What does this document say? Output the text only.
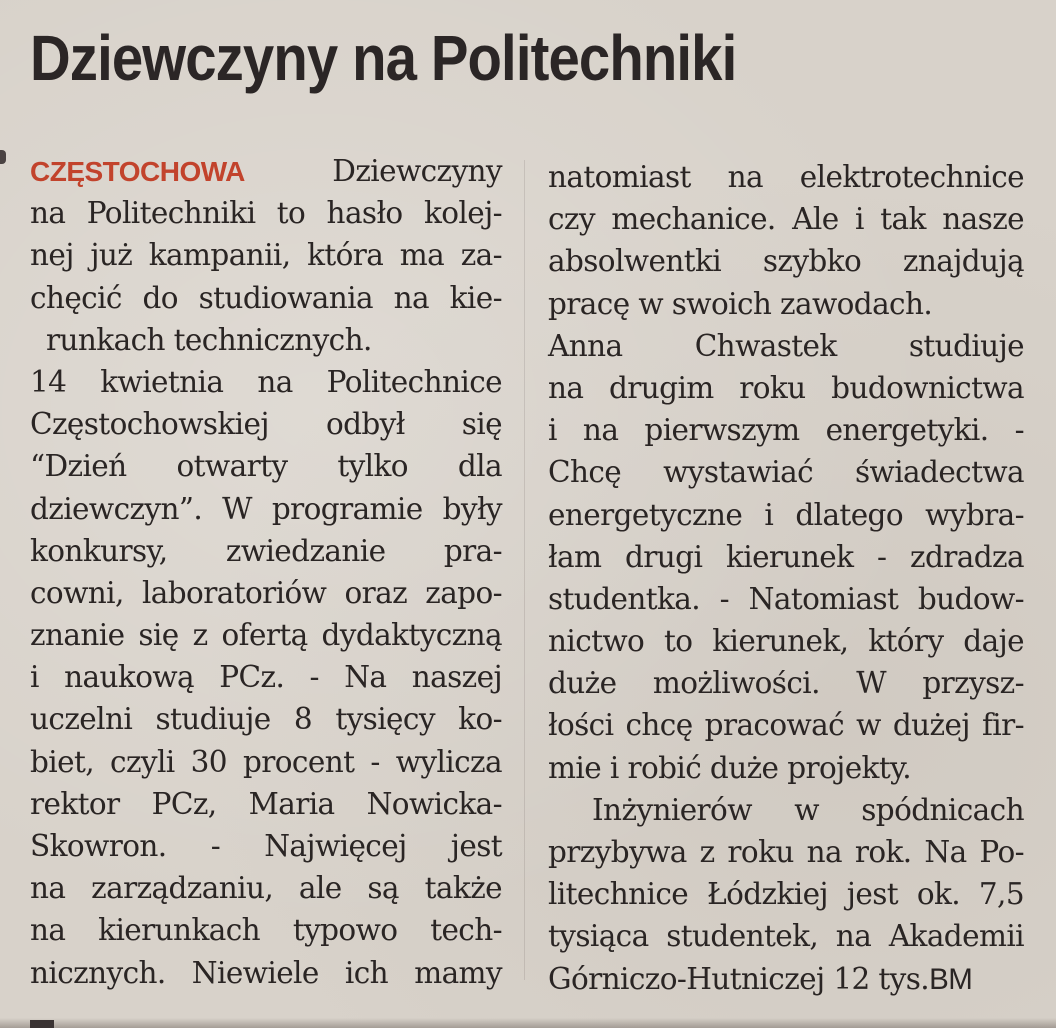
Dziewczyny na Politechniki
CZĘSTOCHOWA	Dziewczyny
na Politechniki to hasło kolej-
nej już kampanii, która ma za-
chęcić do studiowania na kie-
runkach technicznych.
14 kwietnia na Politechnice
Częstochowskiej odbył się
“Dzień otwarty tylko dla
dziewczyn”. W programie były
konkursy, zwiedzanie pra-
cowni, laboratoriów oraz zapo-
znanie się z ofertą dydaktyczną
i naukową PCz. - Na naszej
uczelni studiuje 8 tysięcy ko-
biet, czyli 30 procent - wylicza
rektor PCz, Maria Nowicka-
Skowron. - Najwięcej jest
na zarządzaniu, ale są także
na kierunkach typowo tech-
nicznych. Niewiele ich mamy
natomiast na elektrotechnice
czy mechanice. Ale i tak nasze
absolwentki szybko znajdują
pracę w swoich zawodach.
Anna Chwastek studiuje
na drugim roku budownictwa
i na pierwszym energetyki. -
Chcę wystawiać świadectwa
energetyczne i dlatego wybra-
łam drugi kierunek - zdradza
studentka. - Natomiast budow-
nictwo to kierunek, który daje
duże możliwości. W przysz-
łości chcę pracować w dużej fir-
mie i robić duże projekty.
Inżynierów w spódnicach
przybywa z roku na rok. Na Po-
litechnice Łódzkiej jest ok. 7,5
tysiąca studentek, na Akademii
Górniczo-Hutniczej 12 tys.BM
